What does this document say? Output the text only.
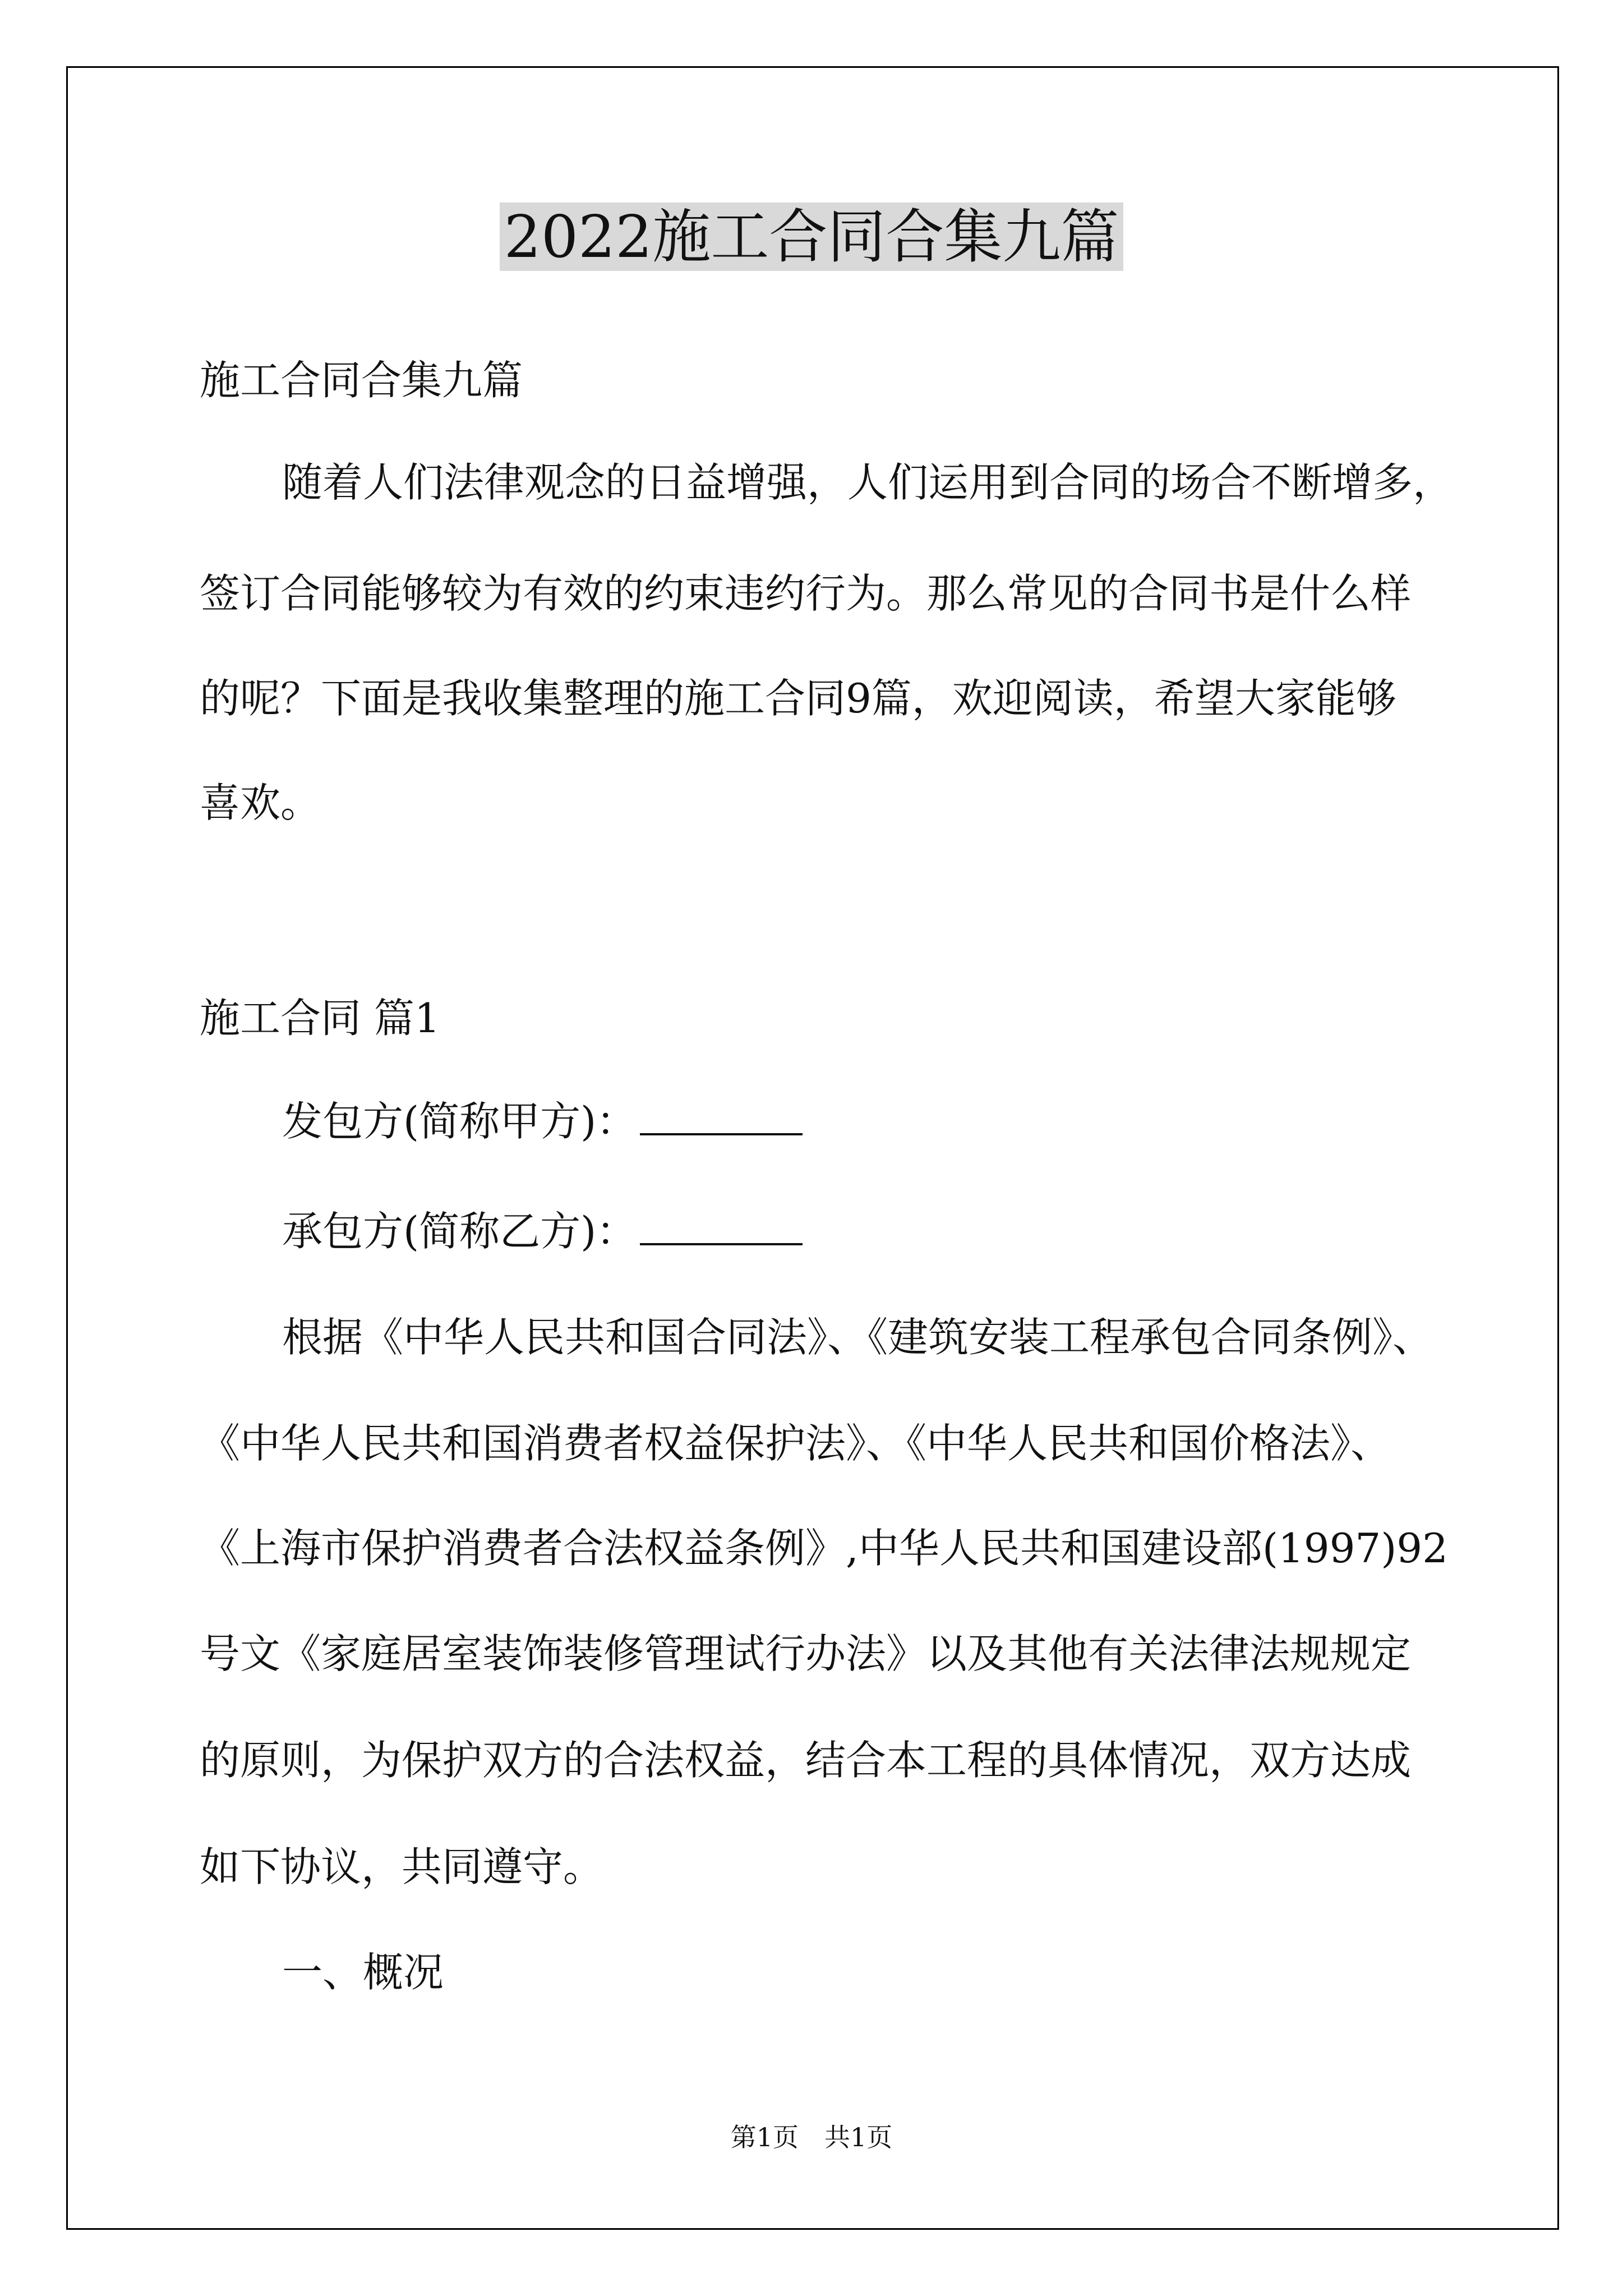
2022施工合同合集九篇
施工合同合集九篇
随着人们法律观念的日益增强，人们运用到合同的场合不断增多，
签订合同能够较为有效的约束违约行为。那么常见的合同书是什么样
的呢？下面是我收集整理的施工合同9篇，欢迎阅读，希望大家能够
喜欢。
施工合同 篇1
发包方(简称甲方)：
承包方(简称乙方)：
根据《中华人民共和国合同法》、《建筑安装工程承包合同条例》、
《中华人民共和国消费者权益保护法》、《中华人民共和国价格法》、
《上海市保护消费者合法权益条例》,中华人民共和国建设部(1997)92
号文《家庭居室装饰装修管理试行办法》以及其他有关法律法规规定
的原则，为保护双方的合法权益，结合本工程的具体情况，双方达成
如下协议，共同遵守。
一、概况
第1页　共1页
